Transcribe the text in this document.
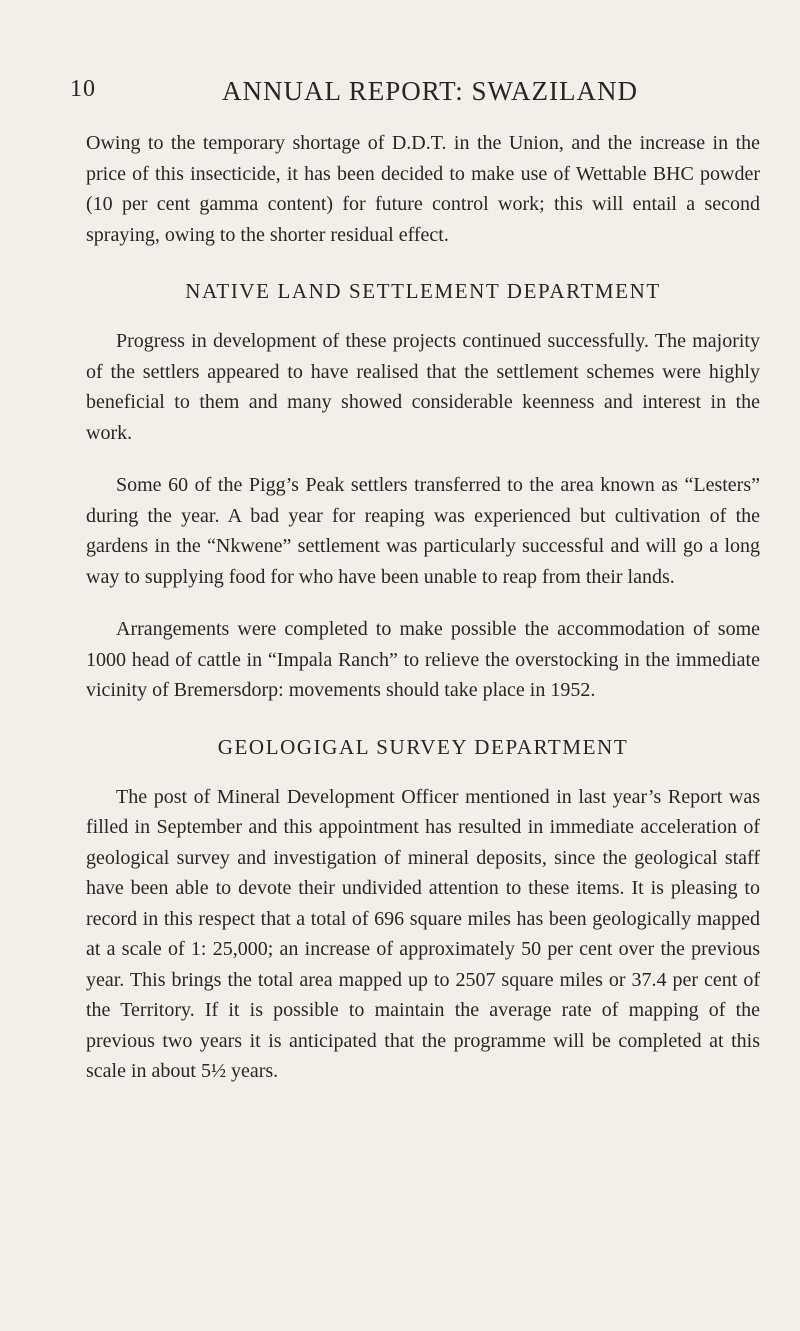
10	ANNUAL REPORT: SWAZILAND

Owing to the temporary shortage of D.D.T. in the Union, and the increase in the price of this insecticide, it has been decided to make use of Wettable BHC powder (10 per cent gamma content) for future control work; this will entail a second spraying, owing to the shorter residual effect.

NATIVE LAND SETTLEMENT DEPARTMENT

Progress in development of these projects continued successfully. The majority of the settlers appeared to have realised that the settlement schemes were highly beneficial to them and many showed considerable keenness and interest in the work.

Some 60 of the Pigg’s Peak settlers transferred to the area known as “Lesters” during the year. A bad year for reaping was experienced but cultivation of the gardens in the “Nkwene” settlement was particularly successful and will go a long way to supplying food for who have been unable to reap from their lands.

Arrangements were completed to make possible the accommodation of some 1000 head of cattle in “Impala Ranch” to relieve the overstocking in the immediate vicinity of Bremersdorp: movements should take place in 1952.

GEOLOGIGAL SURVEY DEPARTMENT

The post of Mineral Development Officer mentioned in last year’s Report was filled in September and this appointment has resulted in immediate acceleration of geological survey and investigation of mineral deposits, since the geological staff have been able to devote their undivided attention to these items. It is pleasing to record in this respect that a total of 696 square miles has been geologically mapped at a scale of 1: 25,000; an increase of approximately 50 per cent over the previous year. This brings the total area mapped up to 2507 square miles or 37.4 per cent of the Territory. If it is possible to maintain the average rate of mapping of the previous two years it is anticipated that the programme will be completed at this scale in about 5½ years.
